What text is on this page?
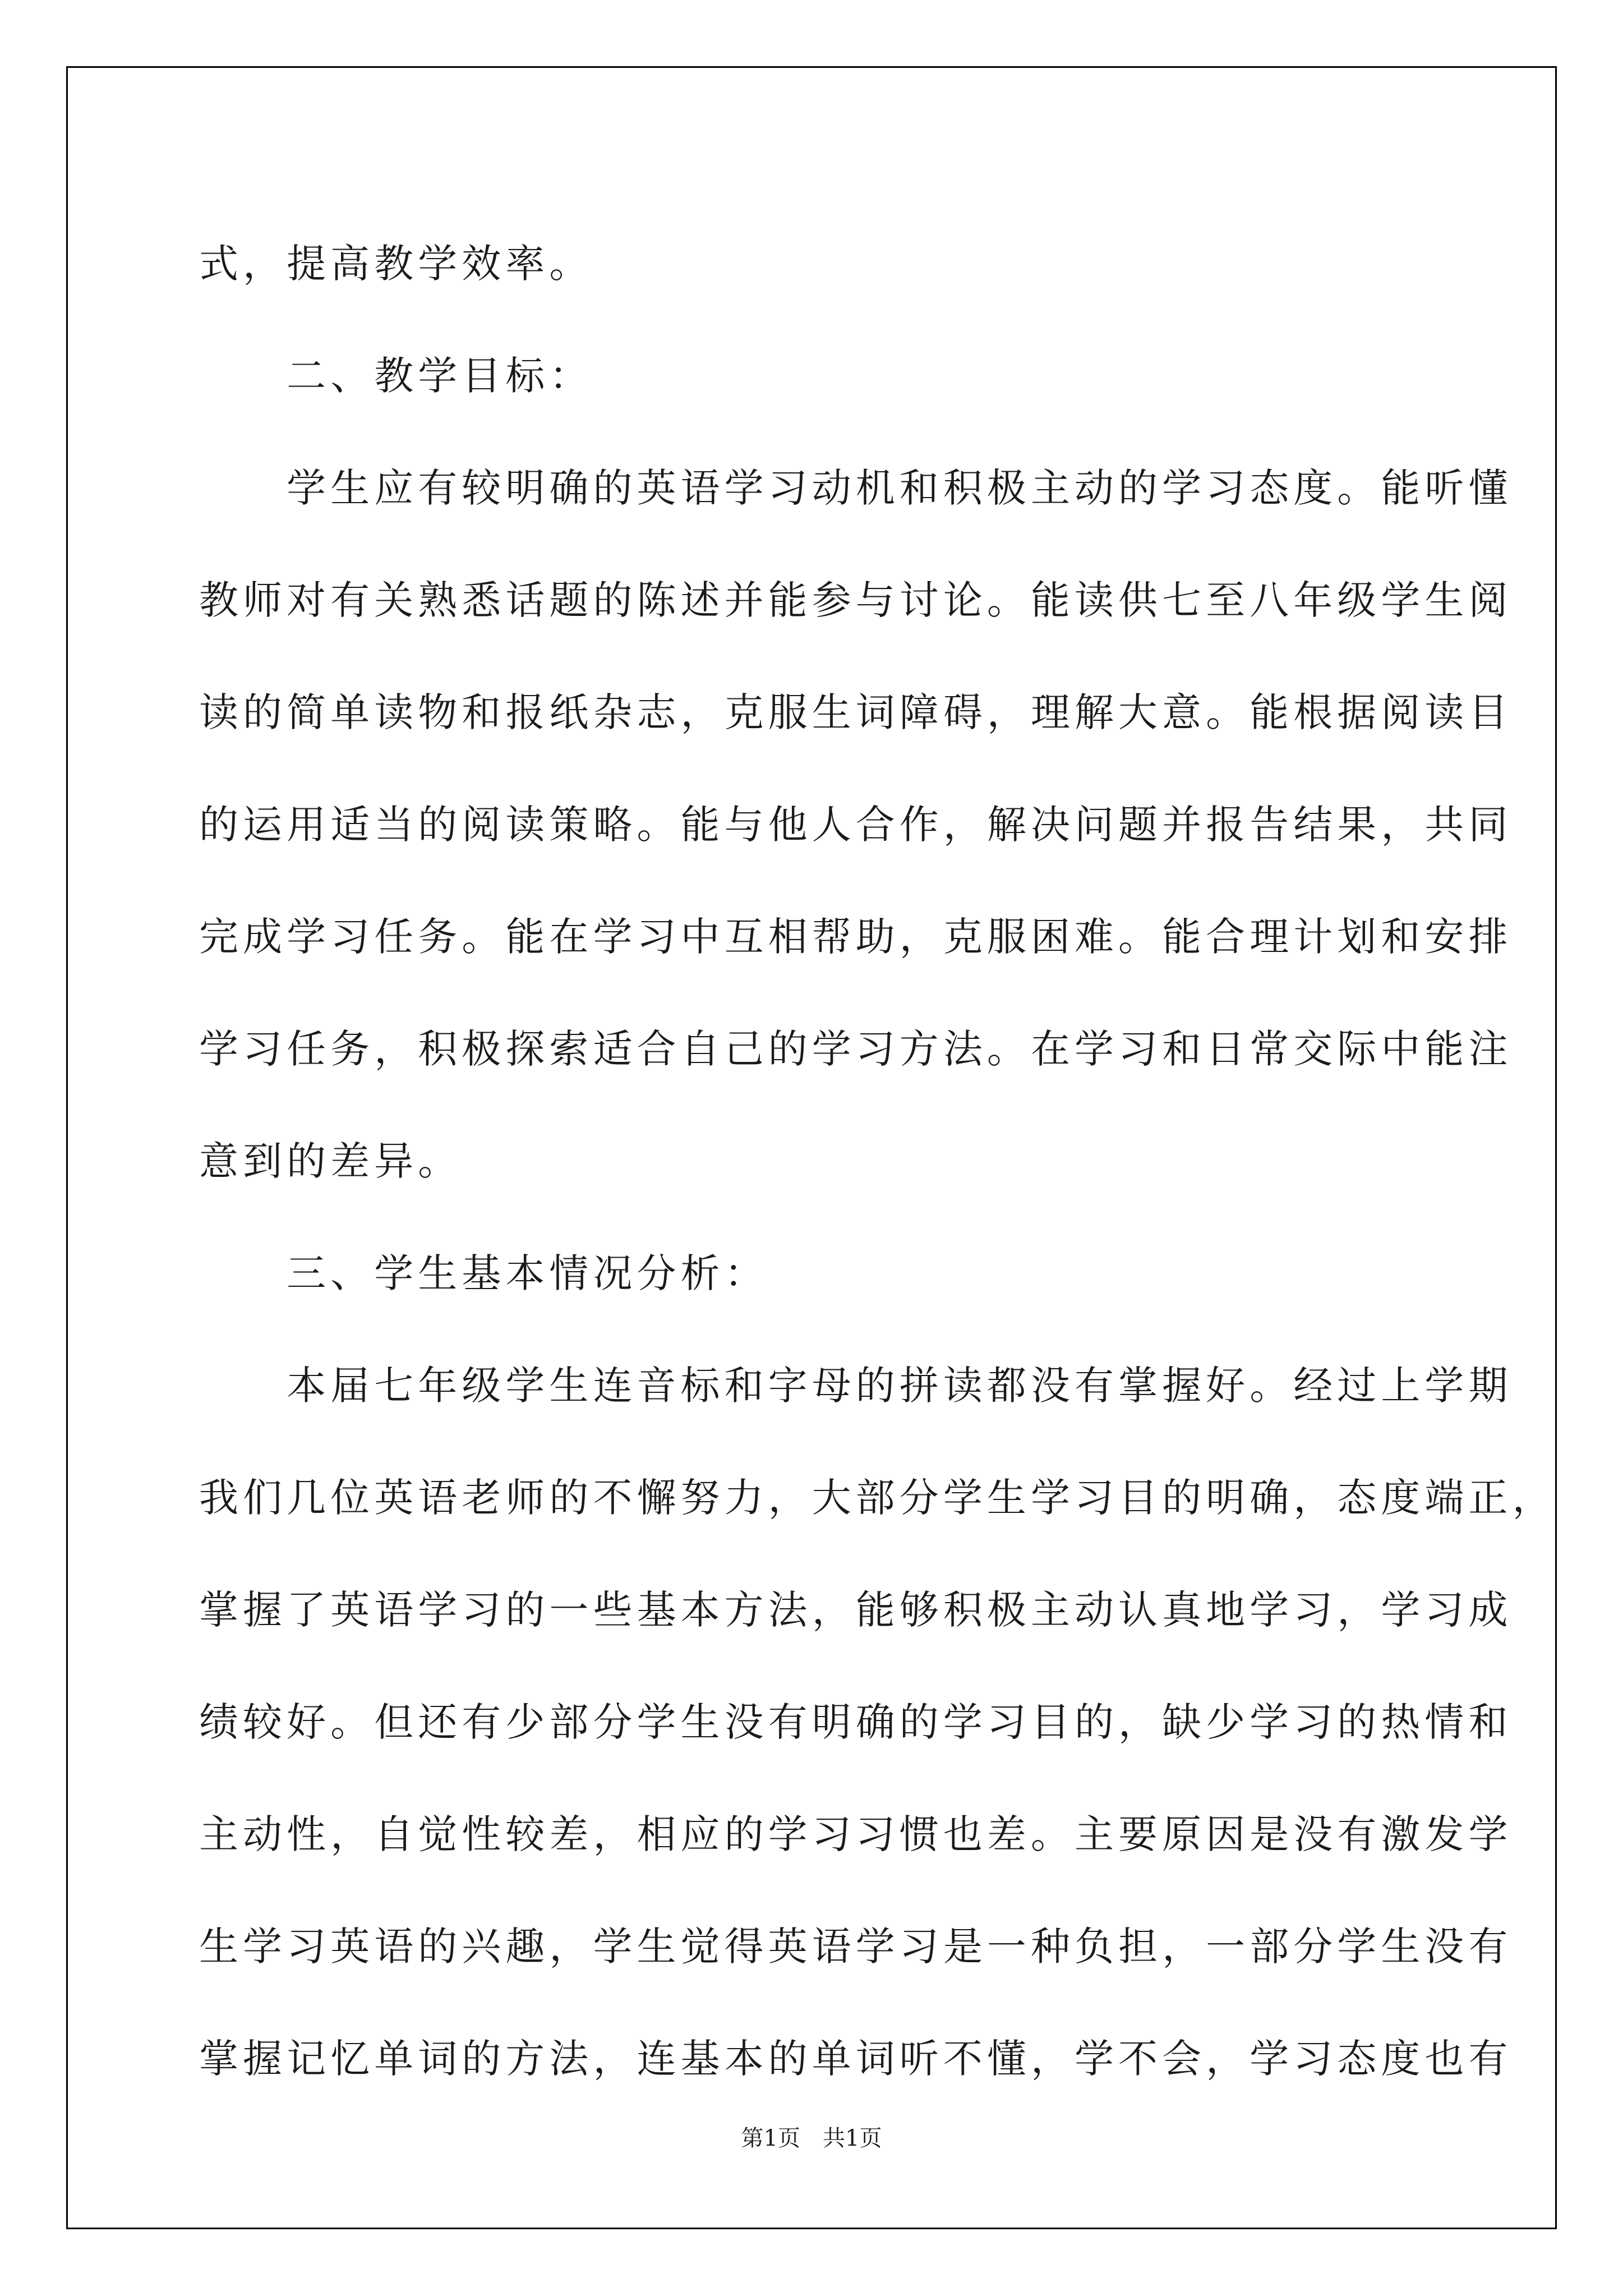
式，提高教学效率。
　　二、教学目标：
　　学生应有较明确的英语学习动机和积极主动的学习态度。能听懂
教师对有关熟悉话题的陈述并能参与讨论。能读供七至八年级学生阅
读的简单读物和报纸杂志，克服生词障碍，理解大意。能根据阅读目
的运用适当的阅读策略。能与他人合作，解决问题并报告结果，共同
完成学习任务。能在学习中互相帮助，克服困难。能合理计划和安排
学习任务，积极探索适合自己的学习方法。在学习和日常交际中能注
意到的差异。
　　三、学生基本情况分析：
　　本届七年级学生连音标和字母的拼读都没有掌握好。经过上学期
我们几位英语老师的不懈努力，大部分学生学习目的明确，态度端正，
掌握了英语学习的一些基本方法，能够积极主动认真地学习，学习成
绩较好。但还有少部分学生没有明确的学习目的，缺少学习的热情和
主动性，自觉性较差，相应的学习习惯也差。主要原因是没有激发学
生学习英语的兴趣，学生觉得英语学习是一种负担，一部分学生没有
掌握记忆单词的方法，连基本的单词听不懂，学不会，学习态度也有
第1页　共1页
